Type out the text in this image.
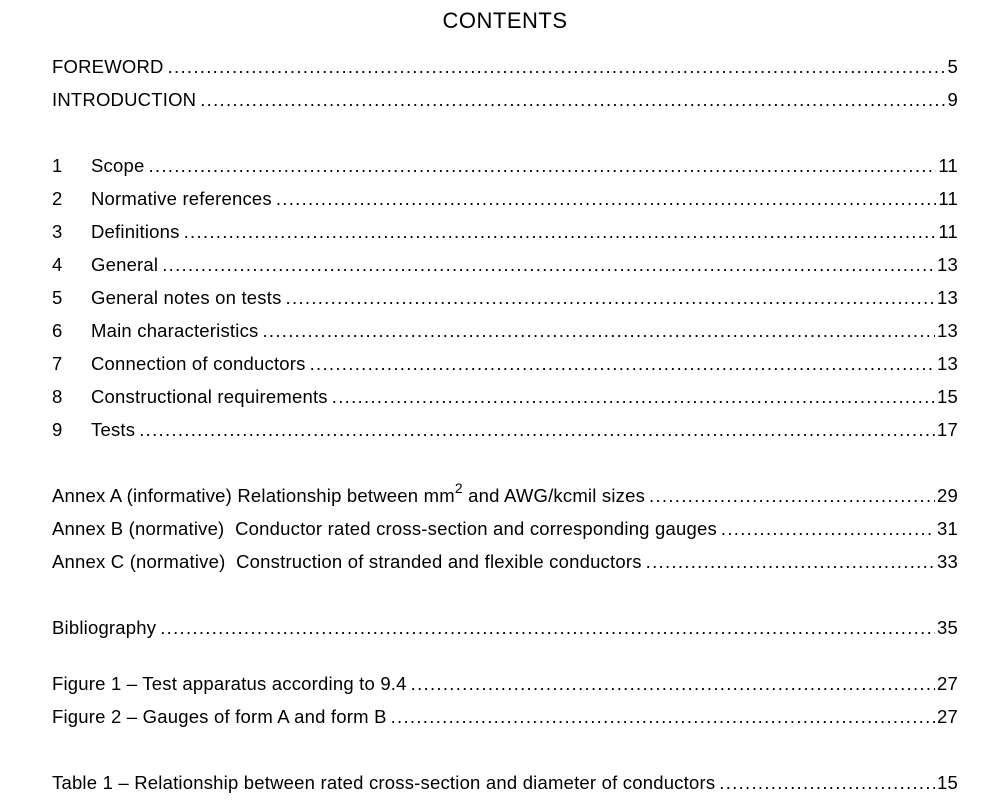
CONTENTS
FOREWORD .....	5
INTRODUCTION .....	9
1	Scope .....	11
2	Normative references .....	11
3	Definitions .....	11
4	General .....	13
5	General notes on tests .....	13
6	Main characteristics .....	13
7	Connection of conductors .....	13
8	Constructional requirements .....	15
9	Tests .....	17
Annex A (informative) Relationship between $mm^2$ and AWG/kcmil sizes .....	29
Annex B (normative)  Conductor rated cross-section and corresponding gauges .....	31
Annex C (normative)  Construction of stranded and flexible conductors .....	33
Bibliography .....	35
Figure 1 – Test apparatus according to 9.4 .....	27
Figure 2 – Gauges of form A and form B .....	27
Table 1 – Relationship between rated cross-section and diameter of conductors .....	15
